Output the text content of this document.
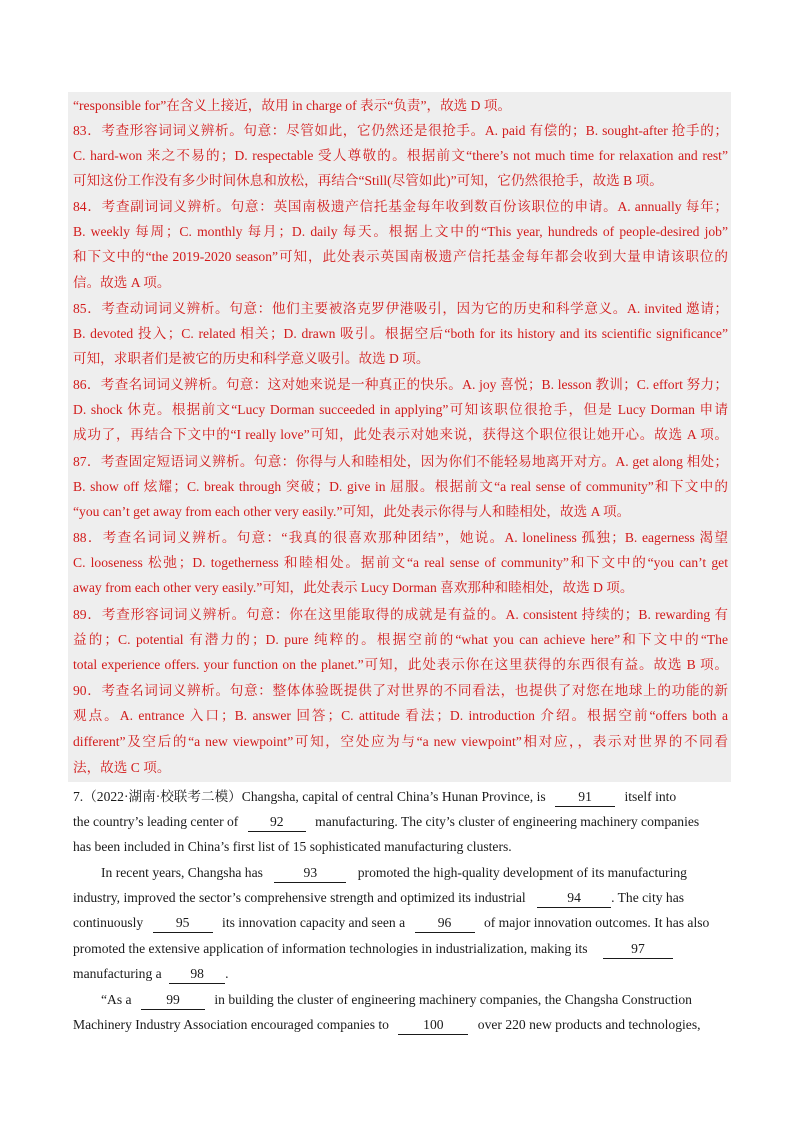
“responsible for”在含义上接近，故用 in charge of 表示“负责”，故选 D 项。
83．考查形容词词义辨析。句意：尽管如此，它仍然还是很抢手。A. paid 有偿的；B. sought-after 抢手的；
C. hard-won 来之不易的；D. respectable 受人尊敬的。根据前文“there’s not much time for relaxation and rest”
可知这份工作没有多少时间休息和放松，再结合“Still(尽管如此)”可知，它仍然很抢手，故选 B 项。
84．考查副词词义辨析。句意：英国南极遗产信托基金每年收到数百份该职位的申请。A. annually 每年；
B. weekly 每周；C. monthly 每月；D. daily 每天。根据上文中的“This year, hundreds of people-desired job”
和下文中的“the 2019-2020 season”可知，此处表示英国南极遗产信托基金每年都会收到大量申请该职位的
信。故选 A 项。
85．考查动词词义辨析。句意：他们主要被洛克罗伊港吸引，因为它的历史和科学意义。A. invited 邀请；
B. devoted 投入；C. related 相关；D. drawn 吸引。根据空后“both for its history and its scientific significance”
可知，求职者们是被它的历史和科学意义吸引。故选 D 项。
86．考查名词词义辨析。句意：这对她来说是一种真正的快乐。A. joy 喜悦；B. lesson 教训；C. effort 努力；
D. shock 休克。根据前文“Lucy Dorman succeeded in applying”可知该职位很抢手，但是 Lucy Dorman 申请
成功了，再结合下文中的“I really love”可知，此处表示对她来说，获得这个职位很让她开心。故选 A 项。
87．考查固定短语词义辨析。句意：你得与人和睦相处，因为你们不能轻易地离开对方。A. get along 相处；
B. show off 炫耀；C. break through 突破；D. give in 屈服。根据前文“a real sense of community”和下文中的
“you can’t get away from each other very easily.”可知，此处表示你得与人和睦相处，故选 A 项。
88．考查名词词义辨析。句意：“我真的很喜欢那种团结”，她说。A. loneliness 孤独；B. eagerness 渴望
C. looseness 松弛；D. togetherness 和睦相处。据前文“a real sense of community”和下文中的“you can’t get
away from each other very easily.”可知，此处表示 Lucy Dorman 喜欢那种和睦相处，故选 D 项。
89．考查形容词词义辨析。句意：你在这里能取得的成就是有益的。A. consistent 持续的；B. rewarding 有
益的；C. potential 有潜力的；D. pure 纯粹的。根据空前的“what you can achieve here”和下文中的“The
total experience offers. your function on the planet.”可知，此处表示你在这里获得的东西很有益。故选 B 项。
90．考查名词词义辨析。句意：整体体验既提供了对世界的不同看法，也提供了对您在地球上的功能的新
观点。A. entrance 入口；B. answer 回答；C. attitude 看法；D. introduction 介绍。根据空前“offers both a
different”及空后的“a new viewpoint”可知，空处应为与“a new viewpoint”相对应，，表示对世界的不同看
法，故选 C 项。
7.（2022·湖南·校联考二模）Changsha, capital of central China’s Hunan Province, is 91 itself into
the country’s leading center of 92 manufacturing. The city’s cluster of engineering machinery companies
has been included in China’s first list of 15 sophisticated manufacturing clusters.
In recent years, Changsha has	93	promoted the high-quality development of its manufacturing
industry, improved the sector’s comprehensive strength and optimized its industrial	94 . The city has
continuously 95 its innovation capacity and seen a 96 of major innovation outcomes. It has also
promoted the extensive application of information technologies in industrialization, making its	97
manufacturing a 98 .
“As a	99	in building the cluster of engineering machinery companies, the Changsha Construction
Machinery Industry Association encouraged companies to	100	over 220 new products and technologies,
